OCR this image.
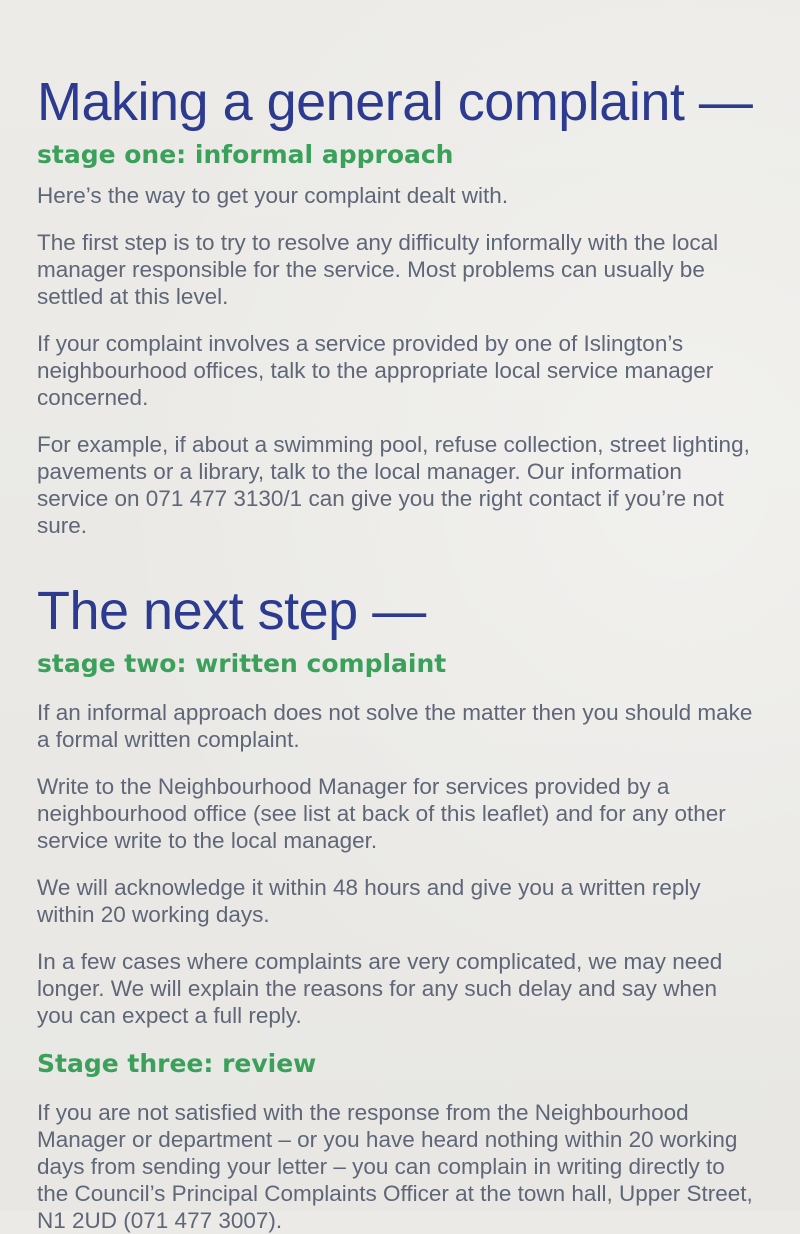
Making a general complaint —
stage one: informal approach

Here’s the way to get your complaint dealt with.

The first step is to try to resolve any difficulty informally with the local manager responsible for the service. Most problems can usually be settled at this level.

If your complaint involves a service provided by one of Islington’s neighbourhood offices, talk to the appropriate local service manager concerned.

For example, if about a swimming pool, refuse collection, street lighting, pavements or a library, talk to the local manager. Our information service on 071 477 3130/1 can give you the right contact if you’re not sure.

The next step —
stage two: written complaint

If an informal approach does not solve the matter then you should make a formal written complaint.

Write to the Neighbourhood Manager for services provided by a neighbourhood office (see list at back of this leaflet) and for any other service write to the local manager.

We will acknowledge it within 48 hours and give you a written reply within 20 working days.

In a few cases where complaints are very complicated, we may need longer. We will explain the reasons for any such delay and say when you can expect a full reply.

Stage three: review

If you are not satisfied with the response from the Neighbourhood Manager or department – or you have heard nothing within 20 working days from sending your letter – you can complain in writing directly to the Council’s Principal Complaints Officer at the town hall, Upper Street, N1 2UD (071 477 3007).
